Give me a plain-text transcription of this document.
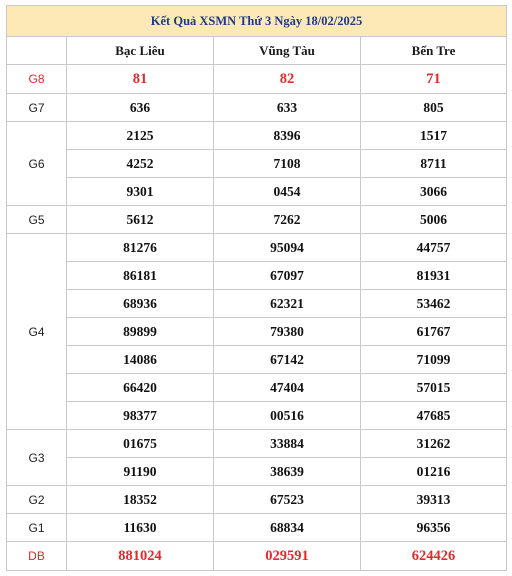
Kết Quả XSMN Thứ 3 Ngày 18/02/2025			
	Bạc Liêu	Vũng Tàu	Bến Tre
G8	81	82	71
G7	636	633	805
G6	2125	8396	1517
	4252	7108	8711
	9301	0454	3066
G5	5612	7262	5006
G4	81276	95094	44757
	86181	67097	81931
	68936	62321	53462
	89899	79380	61767
	14086	67142	71099
	66420	47404	57015
	98377	00516	47685
G3	01675	33884	31262
	91190	38639	01216
G2	18352	67523	39313
G1	11630	68834	96356
DB	881024	029591	624426
